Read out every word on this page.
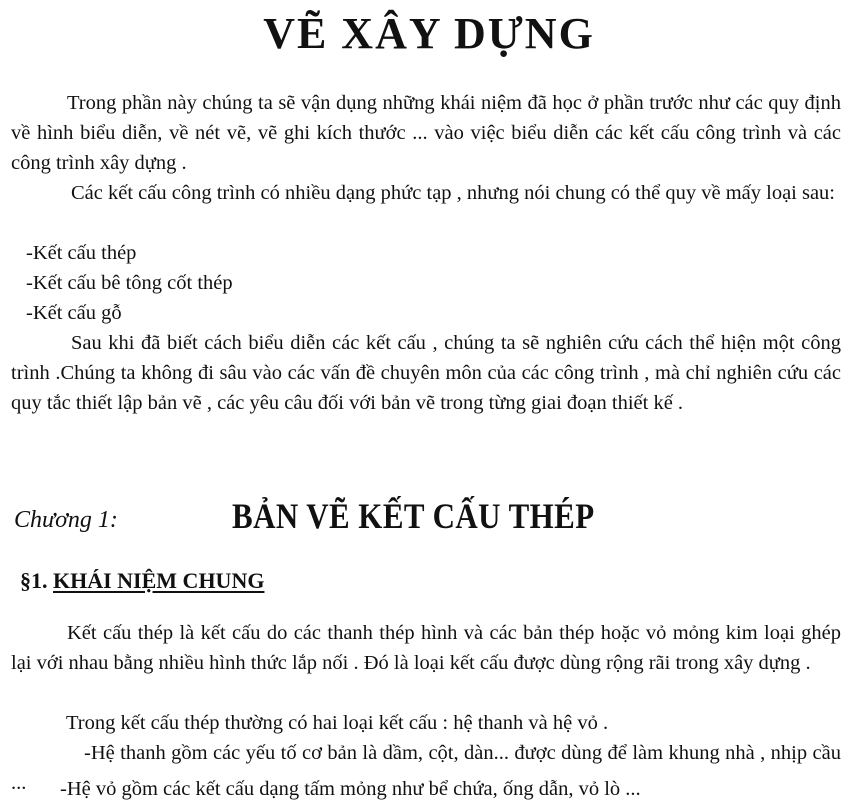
VẼ XÂY DỰNG

Trong phần này chúng ta sẽ vận dụng những khái niệm đã học ở phần trước như các quy định về hình biểu diễn, về nét vẽ, vẽ ghi kích thước ... vào việc biểu diễn các kết cấu công trình và các công trình xây dựng .

Các kết cấu công trình có nhiều dạng phức tạp , nhưng nói chung có thể quy về mấy loại sau:

-Kết cấu thép
-Kết cấu bê tông cốt thép
-Kết cấu gỗ

Sau khi đã biết cách biểu diễn các kết cấu , chúng ta sẽ nghiên cứu cách thể hiện một công trình .Chúng ta không đi sâu vào các vấn đề chuyên môn của các công trình , mà chỉ nghiên cứu các quy tắc thiết lập bản vẽ , các yêu câu đối với bản vẽ trong từng giai đoạn thiết kế .

Chương 1:	BẢN VẼ KẾT CẤU THÉP
§1. KHÁI NIỆM CHUNG

Kết cấu thép là kết cấu do các thanh thép hình và các bản thép hoặc vỏ mỏng kim loại ghép lại với nhau bằng nhiều hình thức lắp nối . Đó là loại kết cấu được dùng rộng rãi trong xây dựng .

Trong kết cấu thép thường có hai loại kết cấu : hệ thanh và hệ vỏ .

-Hệ thanh gồm các yếu tố cơ bản là dầm, cột, dàn... được dùng để làm khung nhà , nhịp cầu ...	-Hệ vỏ gồm các kết cấu dạng tấm mỏng như bể chứa, ống dẫn, vỏ lò ...
